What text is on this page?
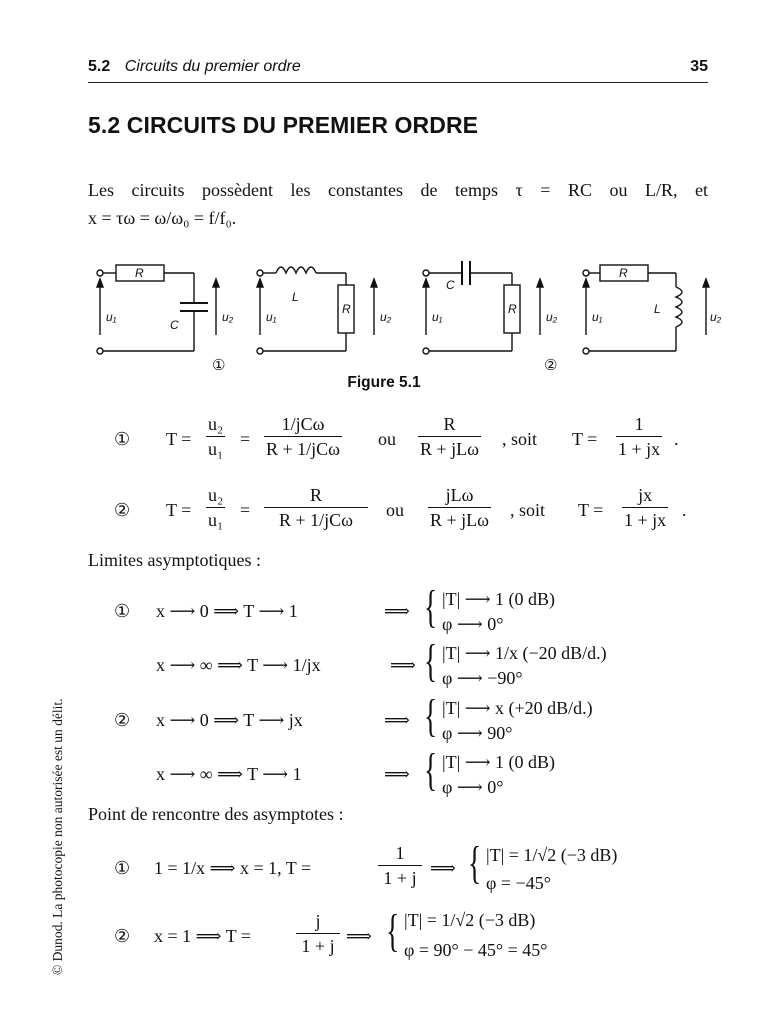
5.2 Circuits du premier ordre	35
5.2 CIRCUITS DU PREMIER ORDRE
Les circuits possèdent les constantes de temps τ = RC ou L/R, et
x = τω = ω/ω₀ = f/f₀.
R
C
u₁	u₂
L
R
u₁	u₂
C
R
u₁	u₂
R
L
u₁	u₂
①	②
Figure 5.1
① $T = \frac{\text{u₂}}{\text{u₁}}$ =
1/jCω
R + 1/jCω ou
R
R + jLω , soit $T = \frac{1}{1 + jx}$ .
② $T = \frac{\text{u₂}}{\text{u₁}}$ =
R
R + 1/jCω	ou
jLω
R + jLω , soit $T = \frac{jx}{1 + jx}$ .
Limites asymptotiques :
① x ⟶ 0 ⟹ T ⟶ 1	⟹ { |T| ⟶ 1 (0 dB)
φ ⟶ 0°
x ⟶ ∞ ⟹ T ⟶ 1/jx	⟹ { |T| ⟶ 1/x (−20 dB/d.)
φ ⟶ −90°
② x ⟶ 0 ⟹ T ⟶ jx	⟹ { |T| ⟶ x (+20 dB/d.)
φ ⟶ 90°
x ⟶ ∞ ⟹ T ⟶ 1	⟹ { |T| ⟶ 1 (0 dB)
φ ⟶ 0°
Point de rencontre des asymptotes :
① 1 = 1/x ⟹ x = 1, T =	$\frac{1}{1 + j}$ ⟹ { |T| = 1/√2 (−3 dB)
φ = −45°
② x = 1 ⟹ T =	$\frac{j}{1 + j}$ ⟹ { |T| = 1/√2 (−3 dB)
φ = 90° − 45° = 45°
© Dunod. La photocopie non autorisée est un délit.
